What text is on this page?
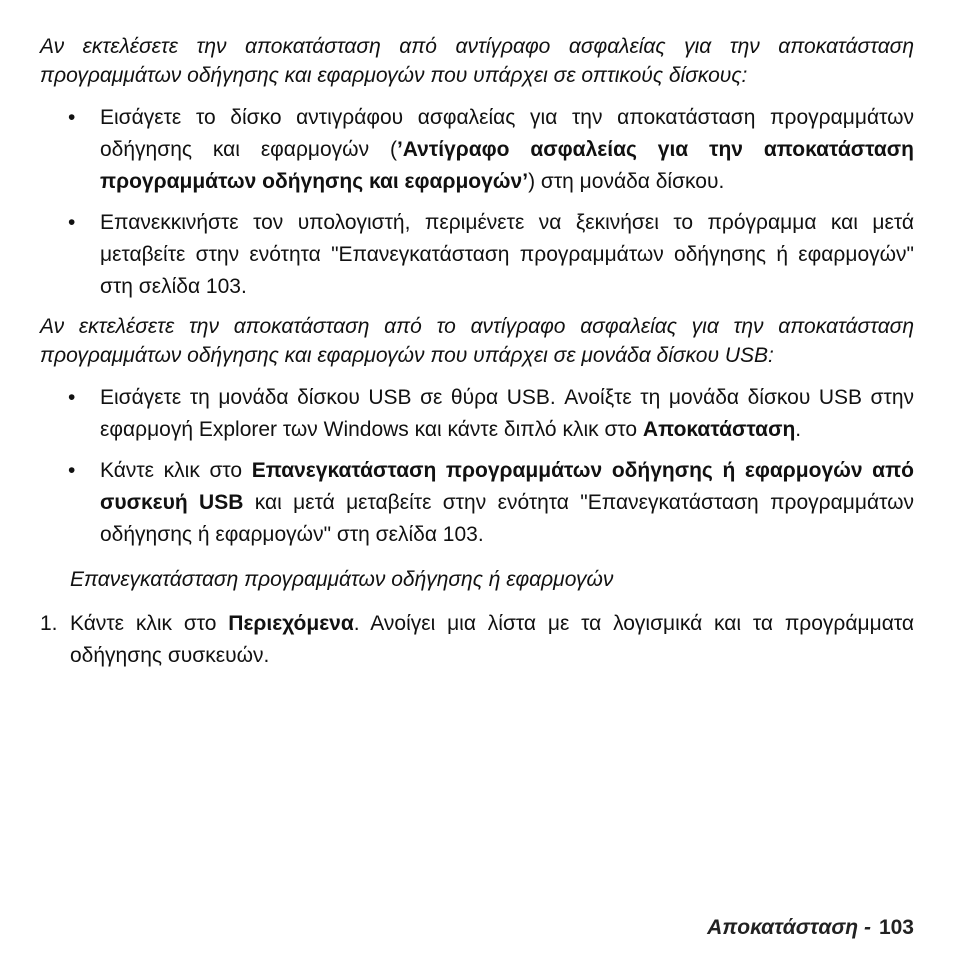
Αν εκτελέσετε την αποκατάσταση από αντίγραφο ασφαλείας για την αποκατάσταση προγραμμάτων οδήγησης και εφαρμογών που υπάρχει σε οπτικούς δίσκους:

• Εισάγετε το δίσκο αντιγράφου ασφαλείας για την αποκατάσταση προγραμμάτων οδήγησης και εφαρμογών (’Αντίγραφο ασφαλείας για την αποκατάσταση προγραμμάτων οδήγησης και εφαρμογών’) στη μονάδα δίσκου.
• Επανεκκινήστε τον υπολογιστή, περιμένετε να ξεκινήσει το πρόγραμμα και μετά μεταβείτε στην ενότητα "Επανεγκατάσταση προγραμμάτων οδήγησης ή εφαρμογών" στη σελίδα 103.

Αν εκτελέσετε την αποκατάσταση από το αντίγραφο ασφαλείας για την αποκατάσταση προγραμμάτων οδήγησης και εφαρμογών που υπάρχει σε μονάδα δίσκου USB:

• Εισάγετε τη μονάδα δίσκου USB σε θύρα USB. Ανοίξτε τη μονάδα δίσκου USB στην εφαρμογή Explorer των Windows και κάντε διπλό κλικ στο Αποκατάσταση.
• Κάντε κλικ στο Επανεγκατάσταση προγραμμάτων οδήγησης ή εφαρμογών από συσκευή USB και μετά μεταβείτε στην ενότητα "Επανεγκατάσταση προγραμμάτων οδήγησης ή εφαρμογών" στη σελίδα 103.
Επανεγκατάσταση προγραμμάτων οδήγησης ή εφαρμογών
1. Κάντε κλικ στο Περιεχόμενα. Ανοίγει μια λίστα με τα λογισμικά και τα προγράμματα οδήγησης συσκευών.
Αποκατάσταση - 103
